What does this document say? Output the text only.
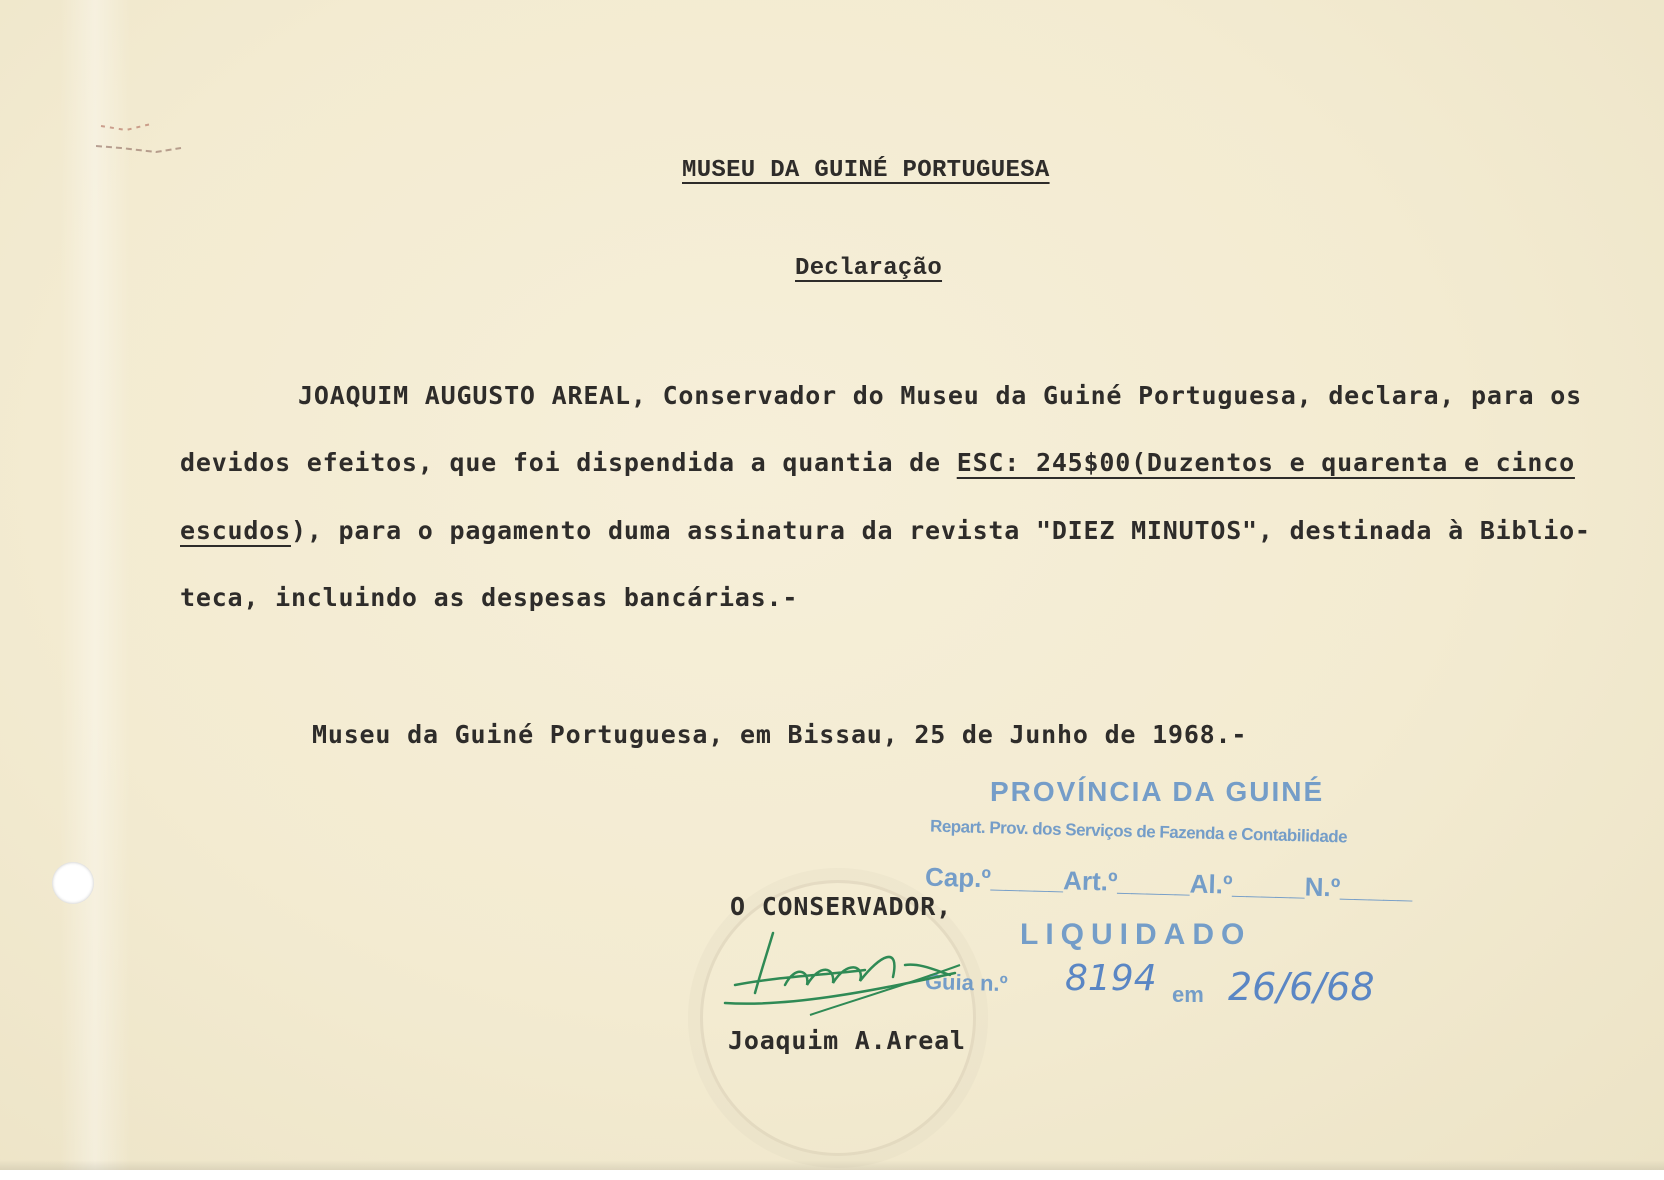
MUSEU DA GUINÉ PORTUGUESA
Declaração
JOAQUIM AUGUSTO AREAL, Conservador do Museu da Guiné Portuguesa, declara, para os
devidos efeitos, que foi dispendida a quantia de ESC: 245$00(Duzentos e quarenta e cinco
escudos), para o pagamento duma assinatura da revista "DIEZ MINUTOS", destinada à Biblio-
teca, incluindo as despesas bancárias.-
Museu da Guiné Portuguesa, em Bissau, 25 de Junho de 1968.-
PROVÍNCIA DA GUINÉ
Repart. Prov. dos Serviços de Fazenda e Contabilidade
Cap.º_____Art.º_____Al.º_____N.º_____
LIQUIDADO
Guia n.º 8194 em 26/6/68
O CONSERVADOR,
Joaquim A.Areal
